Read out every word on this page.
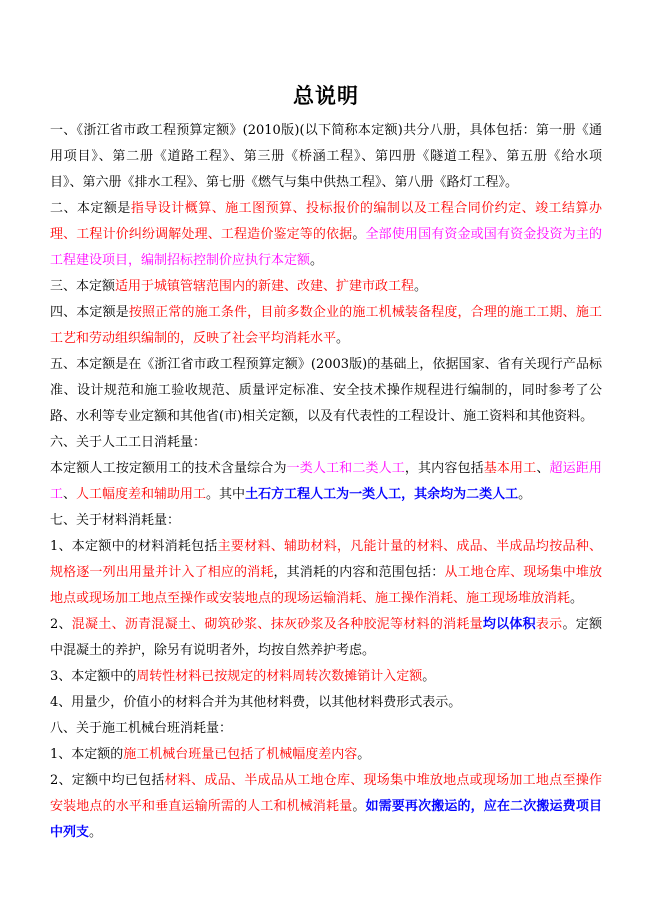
总说明

一、《浙江省市政工程预算定额》(2010版)(以下简称本定额)共分八册，具体包括：第一册《通用项目》、第二册《道路工程》、第三册《桥涵工程》、第四册《隧道工程》、第五册《给水项目》、第六册《排水工程》、第七册《燃气与集中供热工程》、第八册《路灯工程》。

二、本定额是指导设计概算、施工图预算、投标报价的编制以及工程合同价约定、竣工结算办理、工程计价纠纷调解处理、工程造价鉴定等的依据。全部使用国有资金或国有资金投资为主的工程建设项目，编制招标控制价应执行本定额。

三、本定额适用于城镇管辖范围内的新建、改建、扩建市政工程。

四、本定额是按照正常的施工条件，目前多数企业的施工机械装备程度，合理的施工工期、施工工艺和劳动组织编制的，反映了社会平均消耗水平。

五、本定额是在《浙江省市政工程预算定额》(2003版)的基础上，依据国家、省有关现行产品标准、设计规范和施工验收规范、质量评定标准、安全技术操作规程进行编制的，同时参考了公路、水利等专业定额和其他省(市)相关定额，以及有代表性的工程设计、施工资料和其他资料。

六、关于人工工日消耗量：

本定额人工按定额用工的技术含量综合为一类人工和二类人工，其内容包括基本用工、超运距用工、人工幅度差和辅助用工。其中土石方工程人工为一类人工，其余均为二类人工。

七、关于材料消耗量：

1、本定额中的材料消耗包括主要材料、辅助材料，凡能计量的材料、成品、半成品均按品种、规格逐一列出用量并计入了相应的消耗，其消耗的内容和范围包括：从工地仓库、现场集中堆放地点或现场加工地点至操作或安装地点的现场运输消耗、施工操作消耗、施工现场堆放消耗。

2、混凝土、沥青混凝土、砌筑砂浆、抹灰砂浆及各种胶泥等材料的消耗量均以体积表示。定额中混凝土的养护，除另有说明者外，均按自然养护考虑。

3、本定额中的周转性材料已按规定的材料周转次数摊销计入定额。

4、用量少，价值小的材料合并为其他材料费，以其他材料费形式表示。

八、关于施工机械台班消耗量：

1、本定额的施工机械台班量已包括了机械幅度差内容。

2、定额中均已包括材料、成品、半成品从工地仓库、现场集中堆放地点或现场加工地点至操作安装地点的水平和垂直运输所需的人工和机械消耗量。如需要再次搬运的，应在二次搬运费项目中列支。
